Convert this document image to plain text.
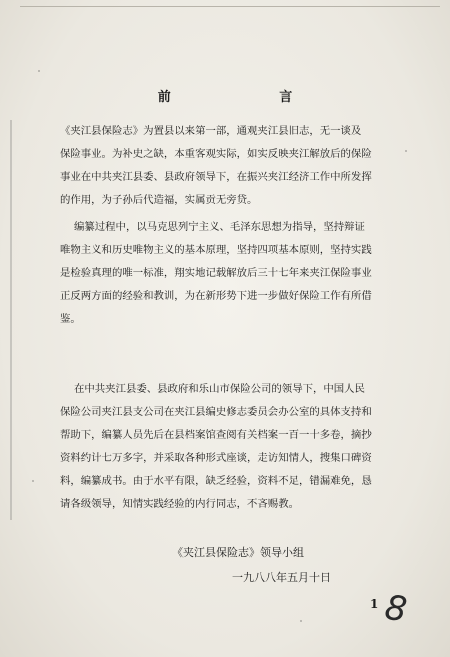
前 言
《夹江县保险志》为置县以来第一部，通观夹江县旧志，无一谈及
保险事业。为补史之缺，本重客观实际，如实反映夹江解放后的保险
事业在中共夹江县委、县政府领导下，在振兴夹江经济工作中所发挥
的作用，为子孙后代造福，实属贡无旁贷。
编纂过程中，以马克思列宁主义、毛泽东思想为指导，坚持辩证
唯物主义和历史唯物主义的基本原理，坚持四项基本原则，坚持实践
是检验真理的唯一标准，翔实地记载解放后三十七年来夹江保险事业
正反两方面的经验和教训，为在新形势下进一步做好保险工作有所借
鉴。
在中共夹江县委、县政府和乐山市保险公司的领导下，中国人民
保险公司夹江县支公司在夹江县编史修志委员会办公室的具体支持和
帮助下，编纂人员先后在县档案馆查阅有关档案一百一十多卷，摘抄
资料约计七万多字，并采取各种形式座谈，走访知情人，搜集口碑资
料，编纂成书。由于水平有限，缺乏经验，资料不足，错漏难免，恳
请各级领导，知情实践经验的内行同志，不吝赐教。
《夹江县保险志》领导小组
一九八八年五月十日
1 8
